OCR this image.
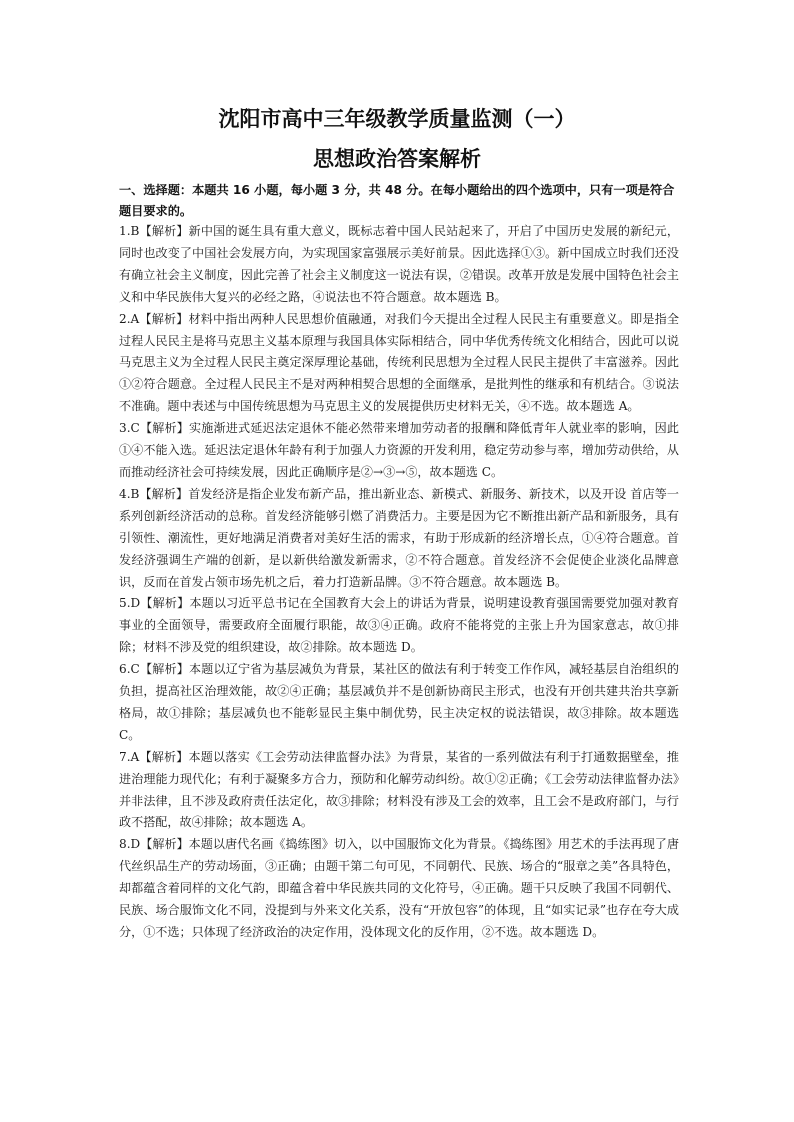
沈阳市高中三年级教学质量监测（一）
思想政治答案解析
一、选择题：本题共 16 小题，每小题 3 分，共 48 分。在每小题给出的四个选项中，只有一项是符合题目要求的。

1.B【解析】新中国的诞生具有重大意义，既标志着中国人民站起来了，开启了中国历史发展的新纪元，同时也改变了中国社会发展方向，为实现国家富强展示美好前景。因此选择①③。新中国成立时我们还没有确立社会主义制度，因此完善了社会主义制度这一说法有误，②错误。改革开放是发展中国特色社会主义和中华民族伟大复兴的必经之路，④说法也不符合题意。故本题选 B。

2.A【解析】材料中指出两种人民思想价值融通，对我们今天提出全过程人民民主有重要意义。即是指全过程人民民主是将马克思主义基本原理与我国具体实际相结合，同中华优秀传统文化相结合，因此可以说马克思主义为全过程人民民主奠定深厚理论基础，传统利民思想为全过程人民民主提供了丰富滋养。因此①②符合题意。全过程人民民主不是对两种相契合思想的全面继承，是批判性的继承和有机结合。③说法不准确。题中表述与中国传统思想为马克思主义的发展提供历史材料无关，④不选。故本题选 A。

3.C【解析】实施渐进式延迟法定退休不能必然带来增加劳动者的报酬和降低青年人就业率的影响，因此①④不能入选。延迟法定退休年龄有利于加强人力资源的开发利用，稳定劳动参与率，增加劳动供给，从而推动经济社会可持续发展，因此正确顺序是②→③→⑤，故本题选 C。

4.B【解析】首发经济是指企业发布新产品，推出新业态、新模式、新服务、新技术，以及开设 首店等一系列创新经济活动的总称。首发经济能够引燃了消费活力。主要是因为它不断推出新产品和新服务，具有引领性、潮流性，更好地满足消费者对美好生活的需求，有助于形成新的经济增长点，①④符合题意。首发经济强调生产端的创新，是以新供给激发新需求，②不符合题意。首发经济不会促使企业淡化品牌意识，反而在首发占领市场先机之后，着力打造新品牌。③不符合题意。故本题选 B。

5.D【解析】本题以习近平总书记在全国教育大会上的讲话为背景，说明建设教育强国需要党加强对教育事业的全面领导，需要政府全面履行职能，故③④正确。政府不能将党的主张上升为国家意志，故①排除；材料不涉及党的组织建设，故②排除。故本题选 D。

6.C【解析】本题以辽宁省为基层减负为背景，某社区的做法有利于转变工作作风，减轻基层自治组织的负担，提高社区治理效能，故②④正确；基层减负并不是创新协商民主形式，也没有开创共建共治共享新格局，故①排除；基层减负也不能彰显民主集中制优势，民主决定权的说法错误，故③排除。故本题选 C。

7.A【解析】本题以落实《工会劳动法律监督办法》为背景，某省的一系列做法有利于打通数据壁垒，推进治理能力现代化；有利于凝聚多方合力，预防和化解劳动纠纷。故①②正确；《工会劳动法律监督办法》并非法律，且不涉及政府责任法定化，故③排除；材料没有涉及工会的效率，且工会不是政府部门，与行政不搭配，故④排除；故本题选 A。

8.D【解析】本题以唐代名画《捣练图》切入，以中国服饰文化为背景。《捣练图》用艺术的手法再现了唐代丝织品生产的劳动场面，③正确；由题干第二句可见，不同朝代、民族、场合的“服章之美”各具特色，却都蕴含着同样的文化气韵，即蕴含着中华民族共同的文化符号，④正确。题干只反映了我国不同朝代、民族、场合服饰文化不同，没提到与外来文化关系，没有“开放包容”的体现，且“如实记录”也存在夸大成分，①不选；只体现了经济政治的决定作用，没体现文化的反作用，②不选。故本题选 D。
